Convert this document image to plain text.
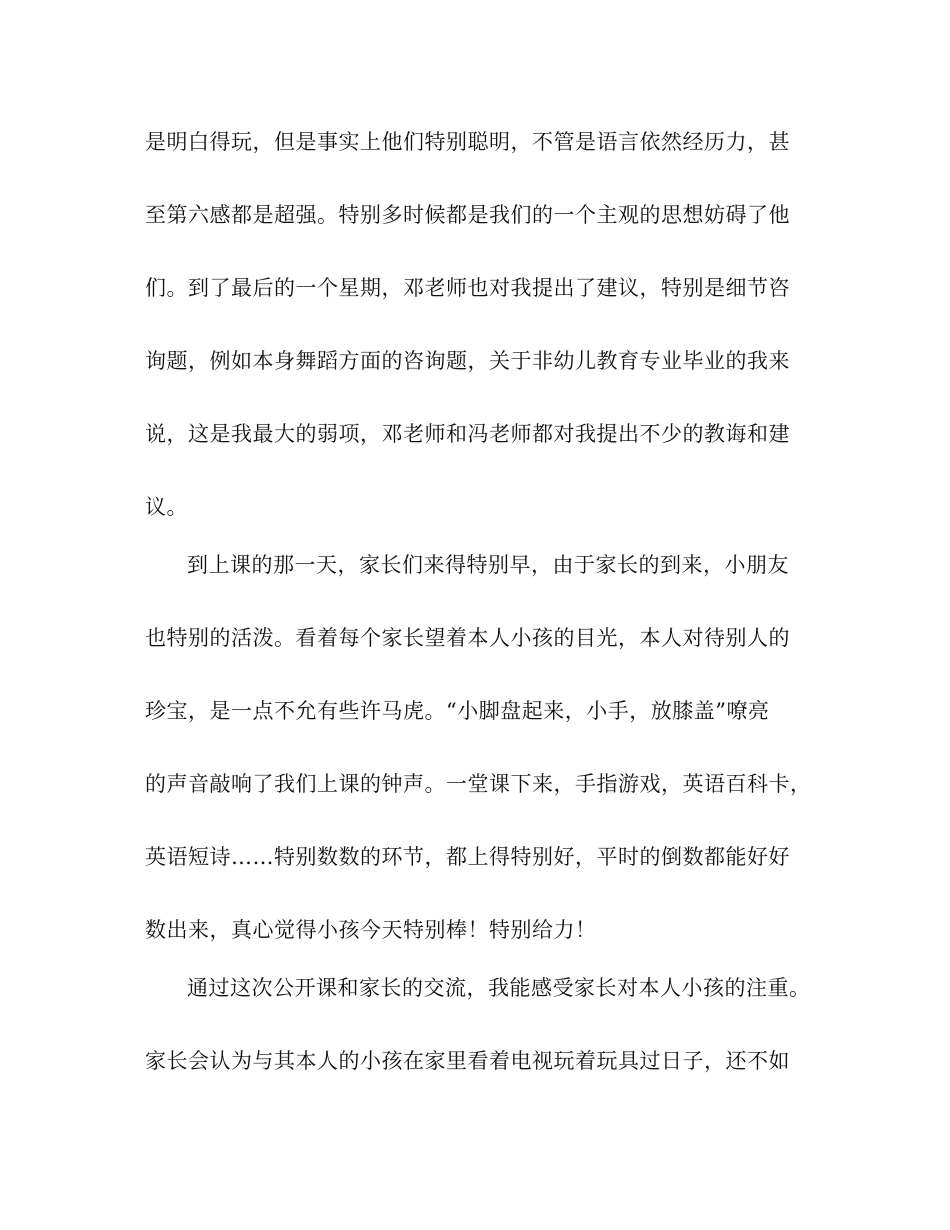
是明白得玩，但是事实上他们特别聪明，不管是语言依然经历力，甚
至第六感都是超强。特别多时候都是我们的一个主观的思想妨碍了他
们。到了最后的一个星期，邓老师也对我提出了建议，特别是细节咨
询题，例如本身舞蹈方面的咨询题，关于非幼儿教育专业毕业的我来
说，这是我最大的弱项，邓老师和冯老师都对我提出不少的教诲和建
议。
到上课的那一天，家长们来得特别早，由于家长的到来，小朋友
也特别的活泼。看着每个家长望着本人小孩的目光，本人对待别人的
珍宝，是一点不允有些许马虎。“小脚盘起来，小手，放膝盖”嘹亮
的声音敲响了我们上课的钟声。一堂课下来，手指游戏，英语百科卡，
英语短诗……特别数数的环节，都上得特别好，平时的倒数都能好好
数出来，真心觉得小孩今天特别棒！特别给力！
通过这次公开课和家长的交流，我能感受家长对本人小孩的注重。
家长会认为与其本人的小孩在家里看着电视玩着玩具过日子，还不如
